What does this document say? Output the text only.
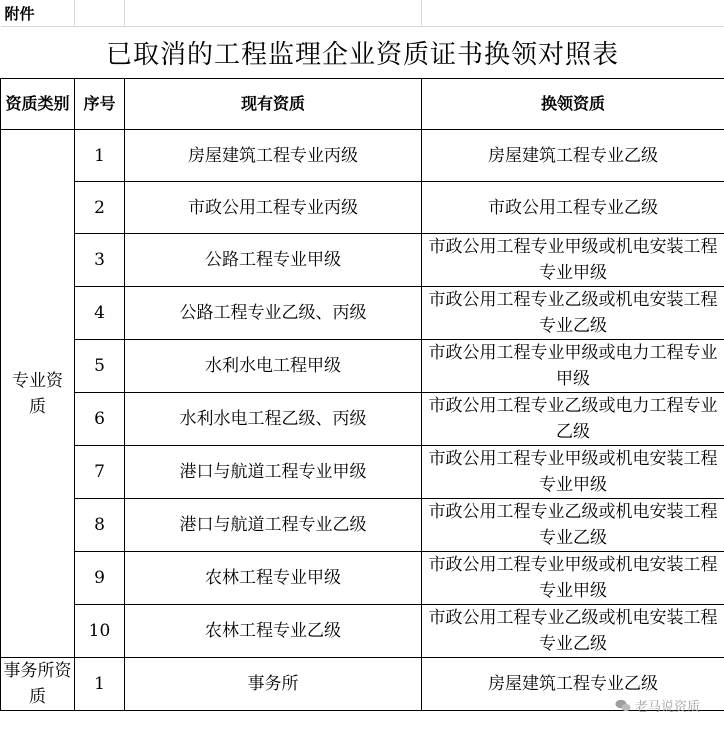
附件			
已取消的工程监理企业资质证书换领对照表			
资质类别	序号	现有资质	换领资质

专业资质	1	房屋建筑工程专业丙级	房屋建筑工程专业乙级
	2	市政公用工程专业丙级	市政公用工程专业乙级
	3	公路工程专业甲级	市政公用工程专业甲级或机电安装工程专业甲级
	4	公路工程专业乙级、丙级	市政公用工程专业乙级或机电安装工程专业乙级
	5	水利水电工程甲级	市政公用工程专业甲级或电力工程专业甲级
	6	水利水电工程乙级、丙级	市政公用工程专业乙级或电力工程专业乙级
	7	港口与航道工程专业甲级	市政公用工程专业甲级或机电安装工程专业甲级
	8	港口与航道工程专业乙级	市政公用工程专业乙级或机电安装工程专业乙级
	9	农林工程专业甲级	市政公用工程专业甲级或机电安装工程专业甲级
	10	农林工程专业乙级	市政公用工程专业乙级或机电安装工程专业乙级

事务所资质	1	事务所	房屋建筑工程专业乙级
老马说资质
